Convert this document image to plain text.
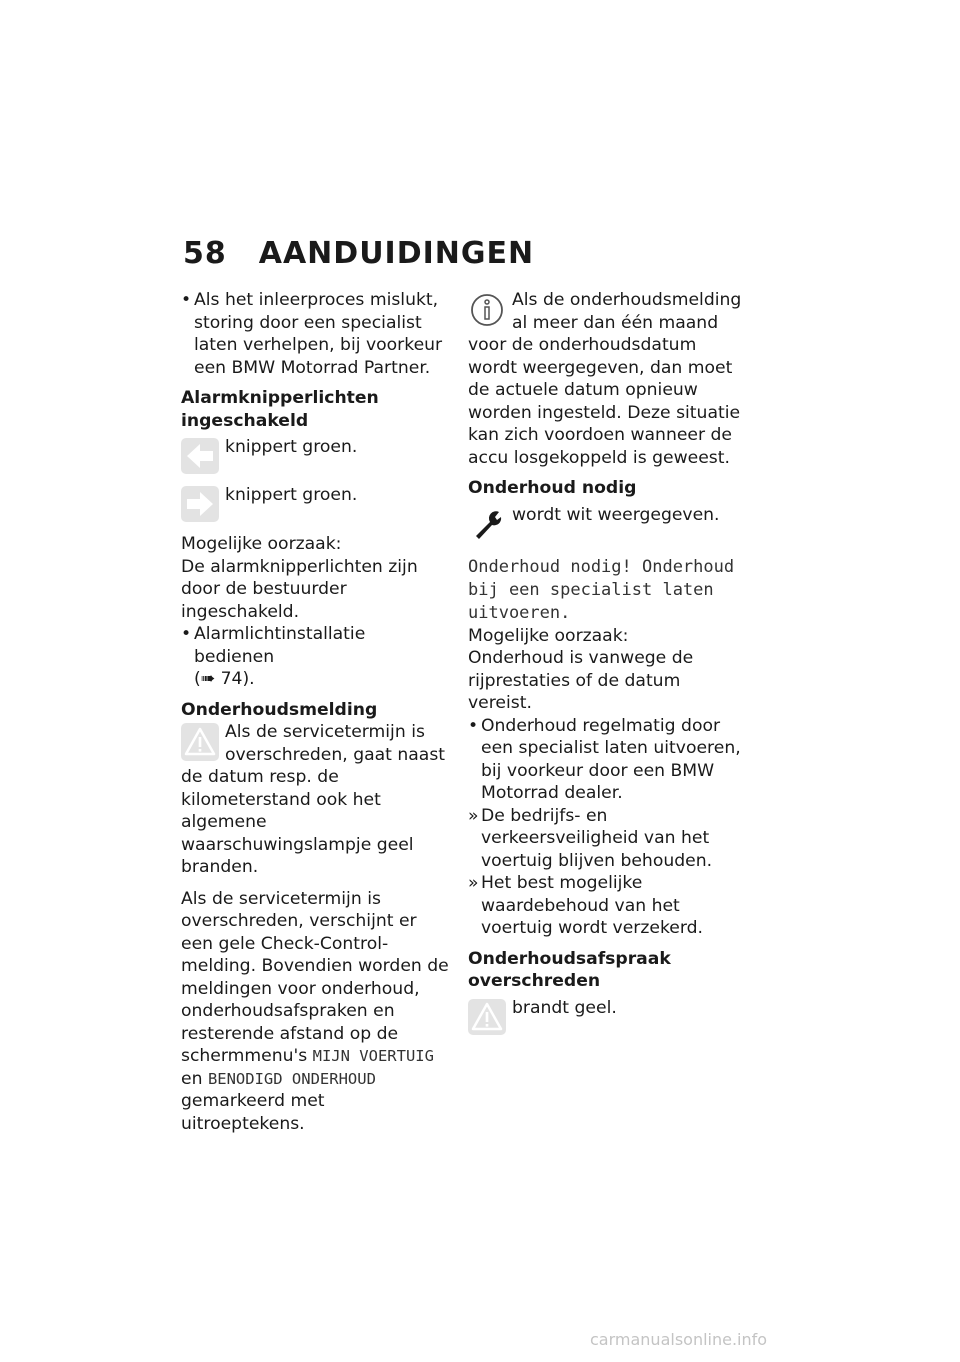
58 AANDUIDINGEN

• Als het inleerproces mislukt, storing door een specialist laten verhelpen, bij voorkeur een BMW Motorrad Partner.

Alarmknipperlichten ingeschakeld

knippert groen.

knippert groen.

Mogelijke oorzaak:

De alarmknipperlichten zijn door de bestuurder ingeschakeld.

• Alarmlichtinstallatie bedienen
(➠ 74).

Onderhoudsmelding

Als de servicetermijn is overschreden, gaat naast de datum resp. de kilometerstand ook het algemene waarschuwingslampje geel branden.

Als de servicetermijn is overschreden, verschijnt er een gele Check-Control-melding. Bovendien worden de meldingen voor onderhoud, onderhoudsafspraken en resterende afstand op de schermmenu's MIJN VOERTUIG en BENODIGD ONDERHOUD gemarkeerd met uitroeptekens.

Als de onderhoudsmelding al meer dan één maand voor de onderhoudsdatum wordt weergegeven, dan moet de actuele datum opnieuw worden ingesteld. Deze situatie kan zich voordoen wanneer de accu losgekoppeld is geweest.

Onderhoud nodig

wordt wit weergegeven.

Onderhoud nodig! Onderhoud bij een specialist laten uitvoeren.

Mogelijke oorzaak:

Onderhoud is vanwege de rijprestaties of de datum vereist.

• Onderhoud regelmatig door een specialist laten uitvoeren, bij voorkeur door een BMW Motorrad dealer.

» De bedrijfs- en verkeersveiligheid van het voertuig blijven behouden.

» Het best mogelijke waardebehoud van het voertuig wordt verzekerd.

Onderhoudsafspraak overschreden

brandt geel.

carmanualsonline.info
